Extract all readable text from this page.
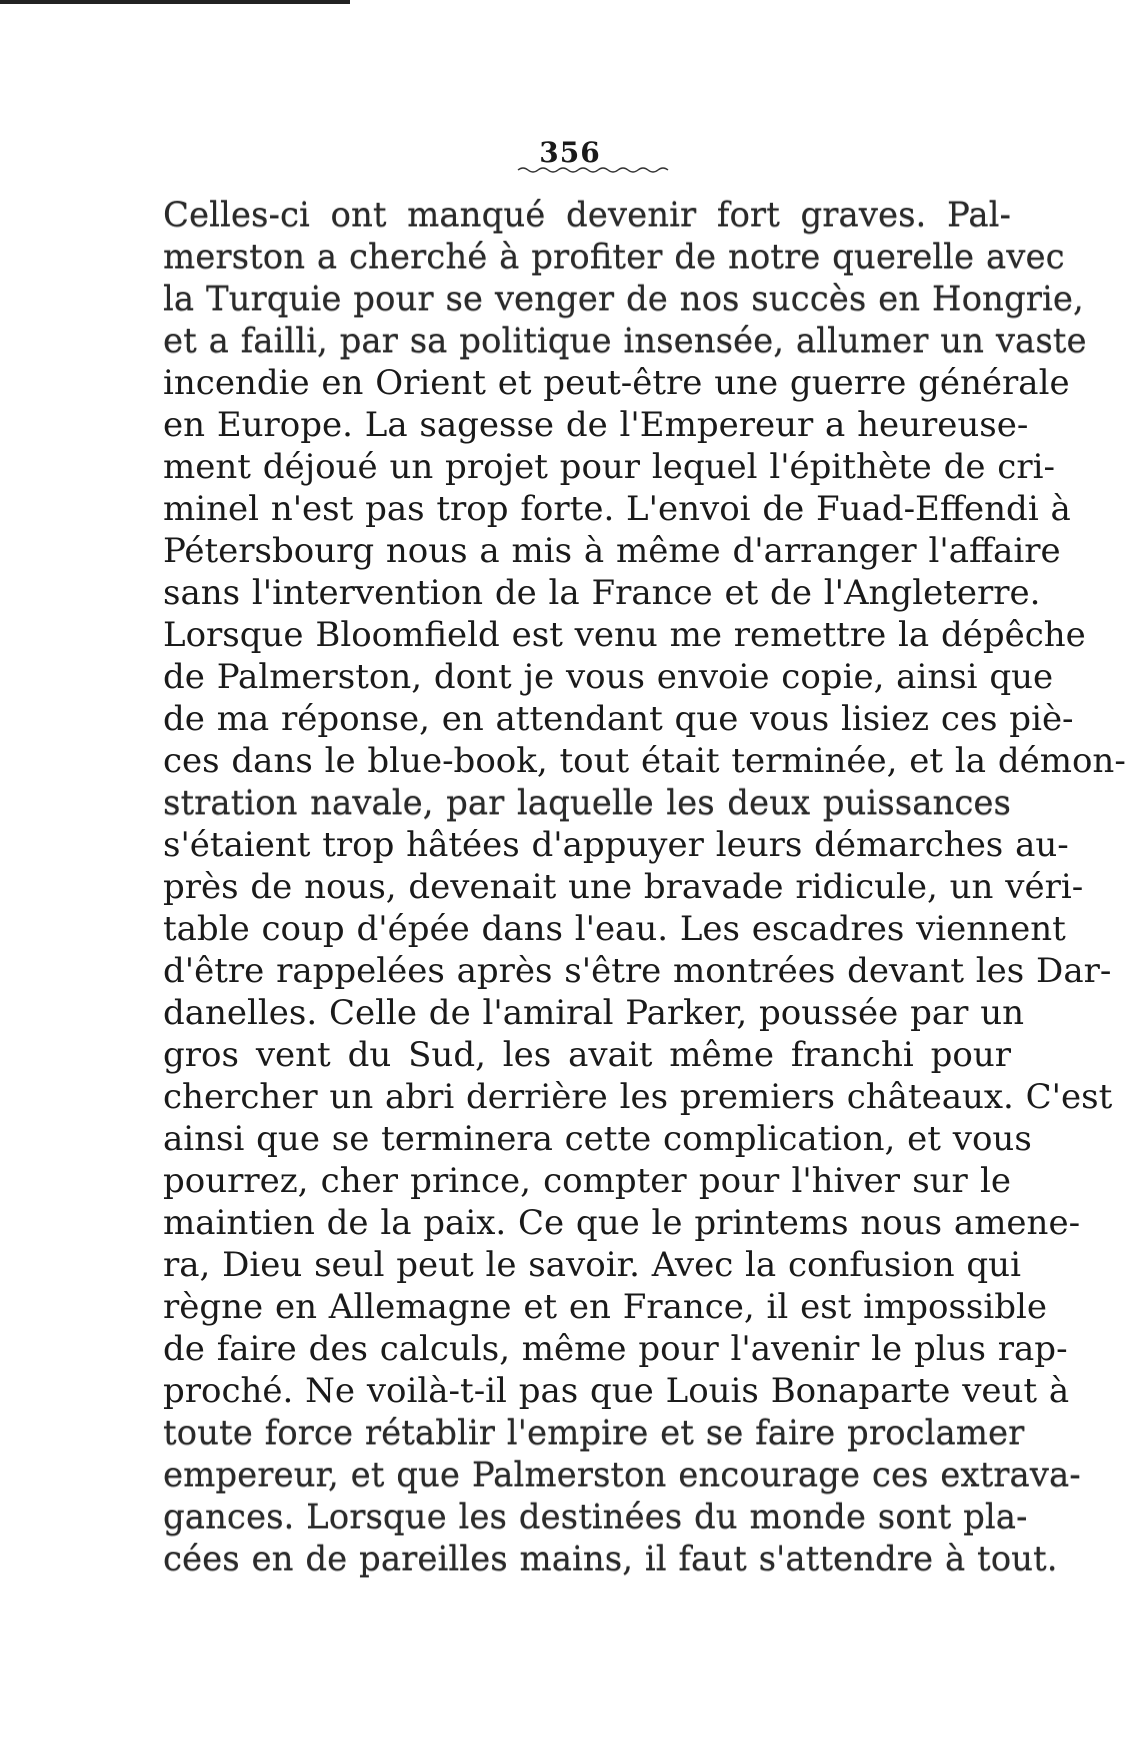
356
Celles-ci ont manqué devenir fort graves. Pal-
merston a cherché à profiter de notre querelle avec
la Turquie pour se venger de nos succès en Hongrie,
et a failli, par sa politique insensée, allumer un vaste
incendie en Orient et peut-être une guerre générale
en Europe. La sagesse de l'Empereur a heureuse-
ment déjoué un projet pour lequel l'épithète de cri-
minel n'est pas trop forte. L'envoi de Fuad-Effendi à
Pétersbourg nous a mis à même d'arranger l'affaire
sans l'intervention de la France et de l'Angleterre.
Lorsque Bloomfield est venu me remettre la dépêche
de Palmerston, dont je vous envoie copie, ainsi que
de ma réponse, en attendant que vous lisiez ces piè-
ces dans le blue-book, tout était terminée, et la démon-
stration navale, par laquelle les deux puissances
s'étaient trop hâtées d'appuyer leurs démarches au-
près de nous, devenait une bravade ridicule, un véri-
table coup d'épée dans l'eau. Les escadres viennent
d'être rappelées après s'être montrées devant les Dar-
danelles. Celle de l'amiral Parker, poussée par un
gros vent du Sud, les avait même franchi pour
chercher un abri derrière les premiers châteaux. C'est
ainsi que se terminera cette complication, et vous
pourrez, cher prince, compter pour l'hiver sur le
maintien de la paix. Ce que le printems nous amene-
ra, Dieu seul peut le savoir. Avec la confusion qui
règne en Allemagne et en France, il est impossible
de faire des calculs, même pour l'avenir le plus rap-
proché. Ne voilà-t-il pas que Louis Bonaparte veut à
toute force rétablir l'empire et se faire proclamer
empereur, et que Palmerston encourage ces extrava-
gances. Lorsque les destinées du monde sont pla-
cées en de pareilles mains, il faut s'attendre à tout.
